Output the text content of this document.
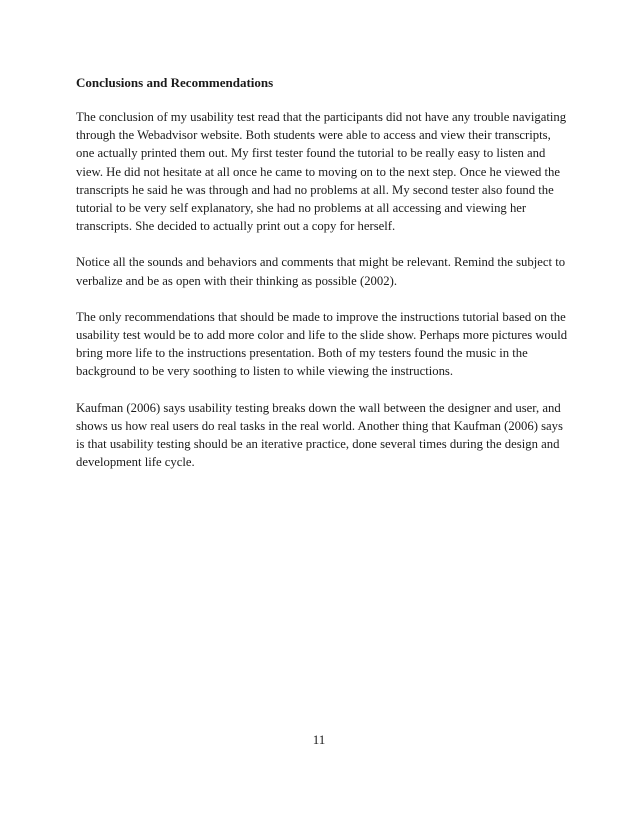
Conclusions and Recommendations

The conclusion of my usability test read that the participants did not have any trouble navigating through the Webadvisor website. Both students were able to access and view their transcripts, one actually printed them out. My first tester found the tutorial to be really easy to listen and view. He did not hesitate at all once he came to moving on to the next step. Once he viewed the transcripts he said he was through and had no problems at all. My second tester also found the tutorial to be very self explanatory, she had no problems at all accessing and viewing her transcripts. She decided to actually print out a copy for herself.

Notice all the sounds and behaviors and comments that might be relevant. Remind the subject to verbalize and be as open with their thinking as possible (2002).

The only recommendations that should be made to improve the instructions tutorial based on the usability test would be to add more color and life to the slide show. Perhaps more pictures would bring more life to the instructions presentation. Both of my testers found the music in the background to be very soothing to listen to while viewing the instructions.

Kaufman (2006) says usability testing breaks down the wall between the designer and user, and shows us how real users do real tasks in the real world. Another thing that Kaufman (2006) says is that usability testing should be an iterative practice, done several times during the design and development life cycle.

11
